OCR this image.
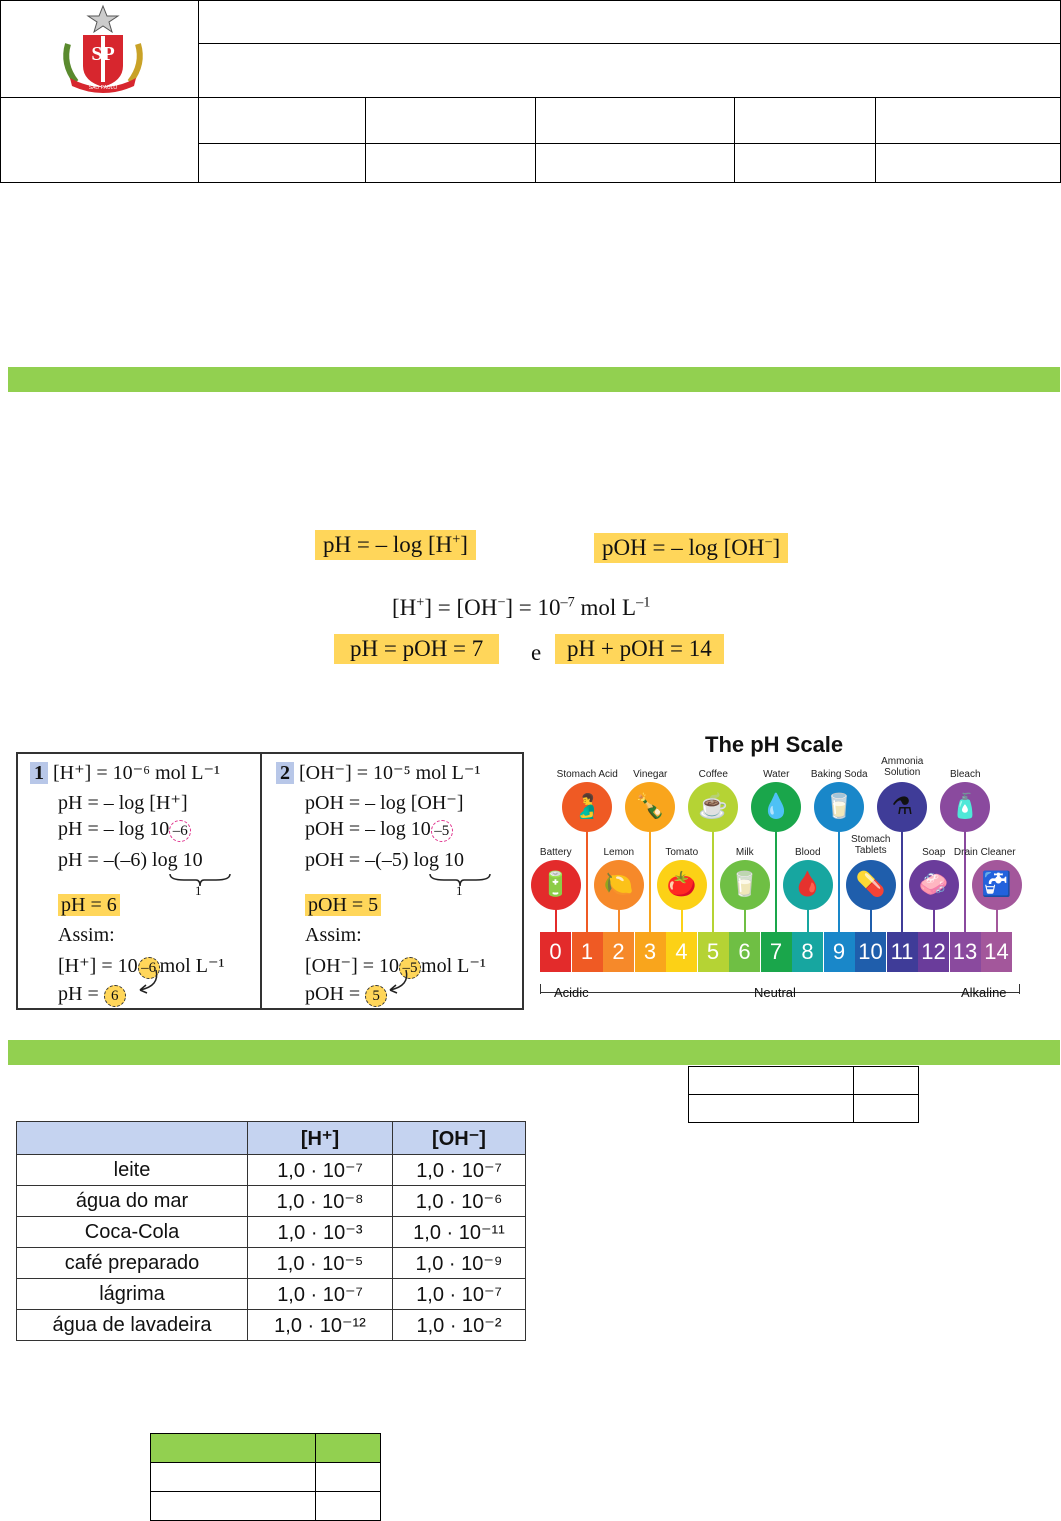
SP
SÃO PAULO
pH = – log [H+]	pOH = – log [OH−]
$[H^+] = [OH^-] = 10^{-7}$ mol $L^{-1}$
pH = pOH = 7	e	pH + pOH = 14
1 [H⁺] = 10⁻⁶ mol L⁻¹
pH = – log [H⁺]
pH = – log 10 –6
pH = –(–6) log 10
1
pH = 6
Assim:
[H⁺] = 10 –6 mol L⁻¹
pH = 6
2 [OH⁻] = 10⁻⁵ mol L⁻¹
pOH = – log [OH⁻]
pOH = – log 10 –5
pOH = –(–5) log 10
1
pOH = 5
Assim:
[OH⁻] = 10 –5 mol L⁻¹
pOH = 5
The pH Scale
0 1 2 3 4 5 6 7 8 9 10 11 12 13 14
🫃
Stomach Acid
🍾
Vinegar
☕
Coffee
💧
Water
🥛
Baking Soda
⚗
Ammonia Solution
🧴
Bleach
🔋
Battery
🍋
Lemon
🍅
Tomato
🥛
Milk
🩸
Blood
💊
Stomach Tablets
🧼
Soap
🚰
Drain Cleaner
Acidic	Neutral	Alkaline

	[H⁺]	[OH⁻]
leite	1,0 · 10⁻⁷	1,0 · 10⁻⁷
água do mar	1,0 · 10⁻⁸	1,0 · 10⁻⁶
Coca-Cola	1,0 · 10⁻³	1,0 · 10⁻¹¹
café preparado	1,0 · 10⁻⁵	1,0 · 10⁻⁹
lágrima	1,0 · 10⁻⁷	1,0 · 10⁻⁷
água de lavadeira	1,0 · 10⁻¹²	1,0 · 10⁻²
